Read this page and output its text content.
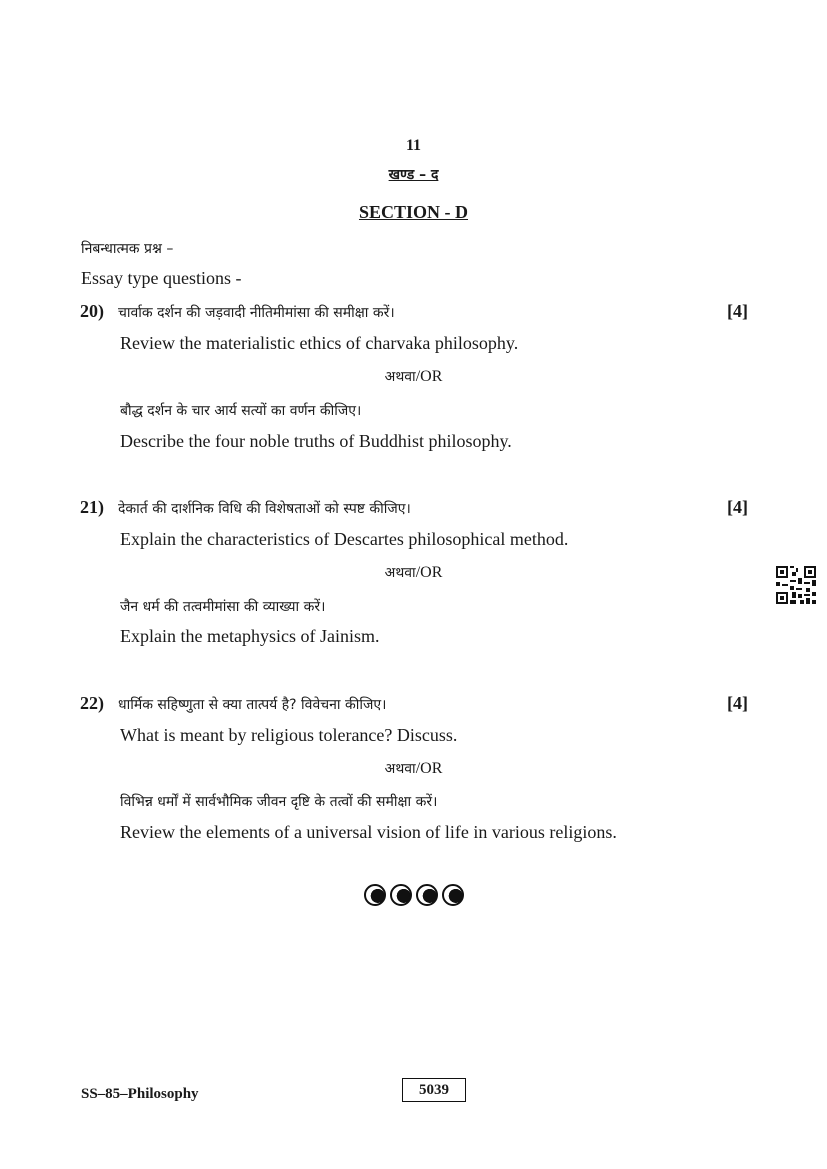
11
खण्ड – द
SECTION - D
निबन्धात्मक प्रश्न –
Essay type questions -
20) चार्वाक दर्शन की जड़वादी नीतिमीमांसा की समीक्षा करें।	[4]
Review the materialistic ethics of charvaka philosophy.
अथवा/OR
बौद्ध दर्शन के चार आर्य सत्यों का वर्णन कीजिए।
Describe the four noble truths of Buddhist philosophy.
21) देकार्त की दार्शनिक विधि की विशेषताओं को स्पष्ट कीजिए।	[4]
Explain the characteristics of Descartes philosophical method.
अथवा/OR
जैन धर्म की तत्वमीमांसा की व्याख्या करें।
Explain the metaphysics of Jainism.
22) धार्मिक सहिष्णुता से क्या तात्पर्य है? विवेचना कीजिए।	[4]
What is meant by religious tolerance? Discuss.
अथवा/OR
विभिन्न धर्मों में सार्वभौमिक जीवन दृष्टि के तत्वों की समीक्षा करें।
Review the elements of a universal vision of life in various religions.
SS–85–Philosophy	5039
